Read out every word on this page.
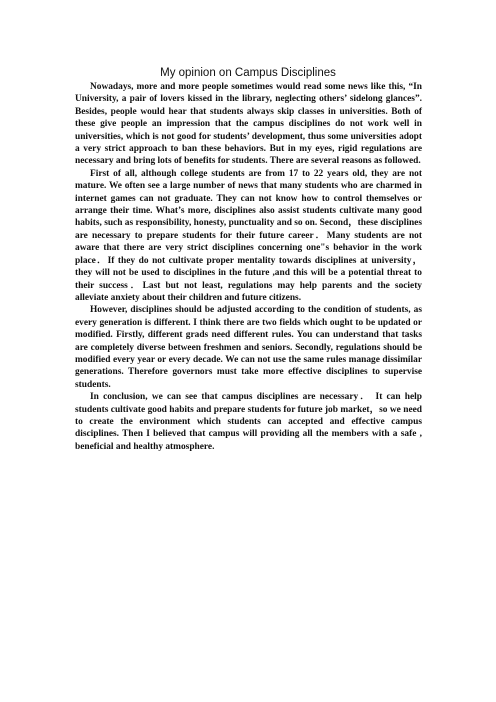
My opinion on Campus Disciplines

Nowadays, more and more people sometimes would read some news like this, “In University, a pair of lovers kissed in the library, neglecting others’ sidelong glances”. Besides, people would hear that students always skip classes in universities. Both of these give people an impression that the campus disciplines do not work well in universities, which is not good for students’ development, thus some universities adopt a very strict approach to ban these behaviors. But in my eyes, rigid regulations are necessary and bring lots of benefits for students. There are several reasons as followed.

First of all, although college students are from 17 to 22 years old, they are not mature. We often see a large number of news that many students who are charmed in internet games can not graduate. They can not know how to control themselves or arrange their time. What’s more, disciplines also assist students cultivate many good habits, such as responsibility, honesty, punctuality and so on. Second，these disciplines are necessary to prepare students for their future career．Many students are not aware that there are very strict disciplines concerning one"s behavior in the work place．If they do not cultivate proper mentality towards disciplines at university，they will not be used to disciplines in the future ,and this will be a potential threat to their success．Last but not least, regulations may help parents and the society alleviate anxiety about their children and future citizens.

However, disciplines should be adjusted according to the condition of students, as every generation is different. I think there are two fields which ought to be updated or modified. Firstly, different grads need different rules. You can understand that tasks are completely diverse between freshmen and seniors. Secondly, regulations should be modified every year or every decade. We can not use the same rules manage dissimilar generations. Therefore governors must take more effective disciplines to supervise students.

In conclusion, we can see that campus disciplines are necessary． It can help students cultivate good habits and prepare students for future job market，so we need to create the environment which students can accepted and effective campus disciplines. Then I believed that campus will providing all the members with a safe , beneficial and healthy atmosphere.
